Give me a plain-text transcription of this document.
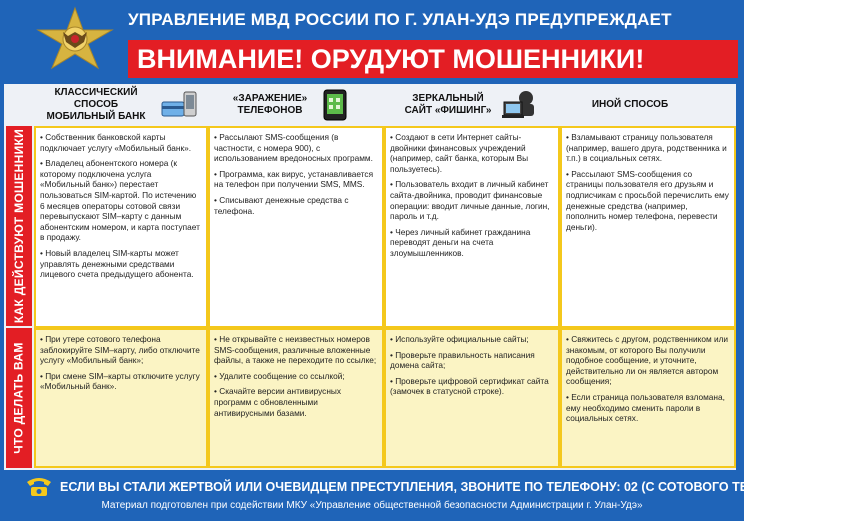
УПРАВЛЕНИЕ МВД РОССИИ ПО Г. УЛАН-УДЭ ПРЕДУПРЕЖДАЕТ
ВНИМАНИЕ! ОРУДУЮТ МОШЕННИКИ!
КЛАССИЧЕСКИЙ СПОСОБ
МОБИЛЬНЫЙ БАНК
«ЗАРАЖЕНИЕ»
ТЕЛЕФОНОВ
ЗЕРКАЛЬНЫЙ
САЙТ «ФИШИНГ»
ИНОЙ СПОСОБ
КАК ДЕЙСТВУЮТ МОШЕННИКИ
ЧТО ДЕЛАТЬ ВАМ

• Собственник банковской карты подключает услугу «Мобильный банк».

• Владелец абонентского номера (к которому подключена услуга «Мобильный банк») перестает пользоваться SIM-картой. По истечению 6 месяцев операторы сотовой связи перевыпускают SIM–карту с данным абонентским номером, и карта поступает в продажу.

• Новый владелец SIM-карты может управлять денежными средствами лицевого счета предыдущего абонента.

• Рассылают SMS-сообщения (в частности, с номера 900), с использованием вредоносных программ.

• Программа, как вирус, устанавливается на телефон при получении SMS, MMS.

• Списывают денежные средства с телефона.

• Создают в сети Интернет сайты-двойники финансовых учреждений (например, сайт банка, которым Вы пользуетесь).

• Пользователь входит в личный кабинет сайта-двойника, проводит финансовые операции: вводит личные данные, логин, пароль и т.д.

• Через личный кабинет гражданина переводят деньги на счета злоумышленников.

• Взламывают страницу пользователя (например, вашего друга, родственника и т.п.) в социальных сетях.

• Рассылают SMS-сообщения со страницы пользователя его друзьям и подписчикам с просьбой перечислить ему денежные средства (например, пополнить номер телефона, перевести деньги).

• При утере сотового телефона заблокируйте SIM–карту, либо отключите услугу «Мобильный банк»;

• При смене SIM–карты отключите услугу «Мобильный банк».

• Не открывайте с неизвестных номеров SMS-сообщения, различные вложенные файлы, а также не переходите по ссылке;

• Удалите сообщение со ссылкой;

• Скачайте версии антивирусных программ с обновленными антивирусными базами.

• Используйте официальные сайты;

• Проверьте правильность написания домена сайта;

• Проверьте цифровой сертификат сайта (замочек в статусной строке).

• Свяжитесь с другом, родственником или знакомым, от которого Вы получили подобное сообщение, и уточните, действительно ли он является автором сообщения;

• Если страница пользователя взломана, ему необходимо сменить пароли в социальных сетях.

ЕСЛИ ВЫ СТАЛИ ЖЕРТВОЙ ИЛИ ОЧЕВИДЦЕМ ПРЕСТУПЛЕНИЯ, ЗВОНИТЕ ПО ТЕЛЕФОНУ: 02 (С СОТОВОГО ТЕЛЕФОНА – 020)
Материал подготовлен при содействии МКУ «Управление общественной безопасности Администрации г. Улан-Удэ»
